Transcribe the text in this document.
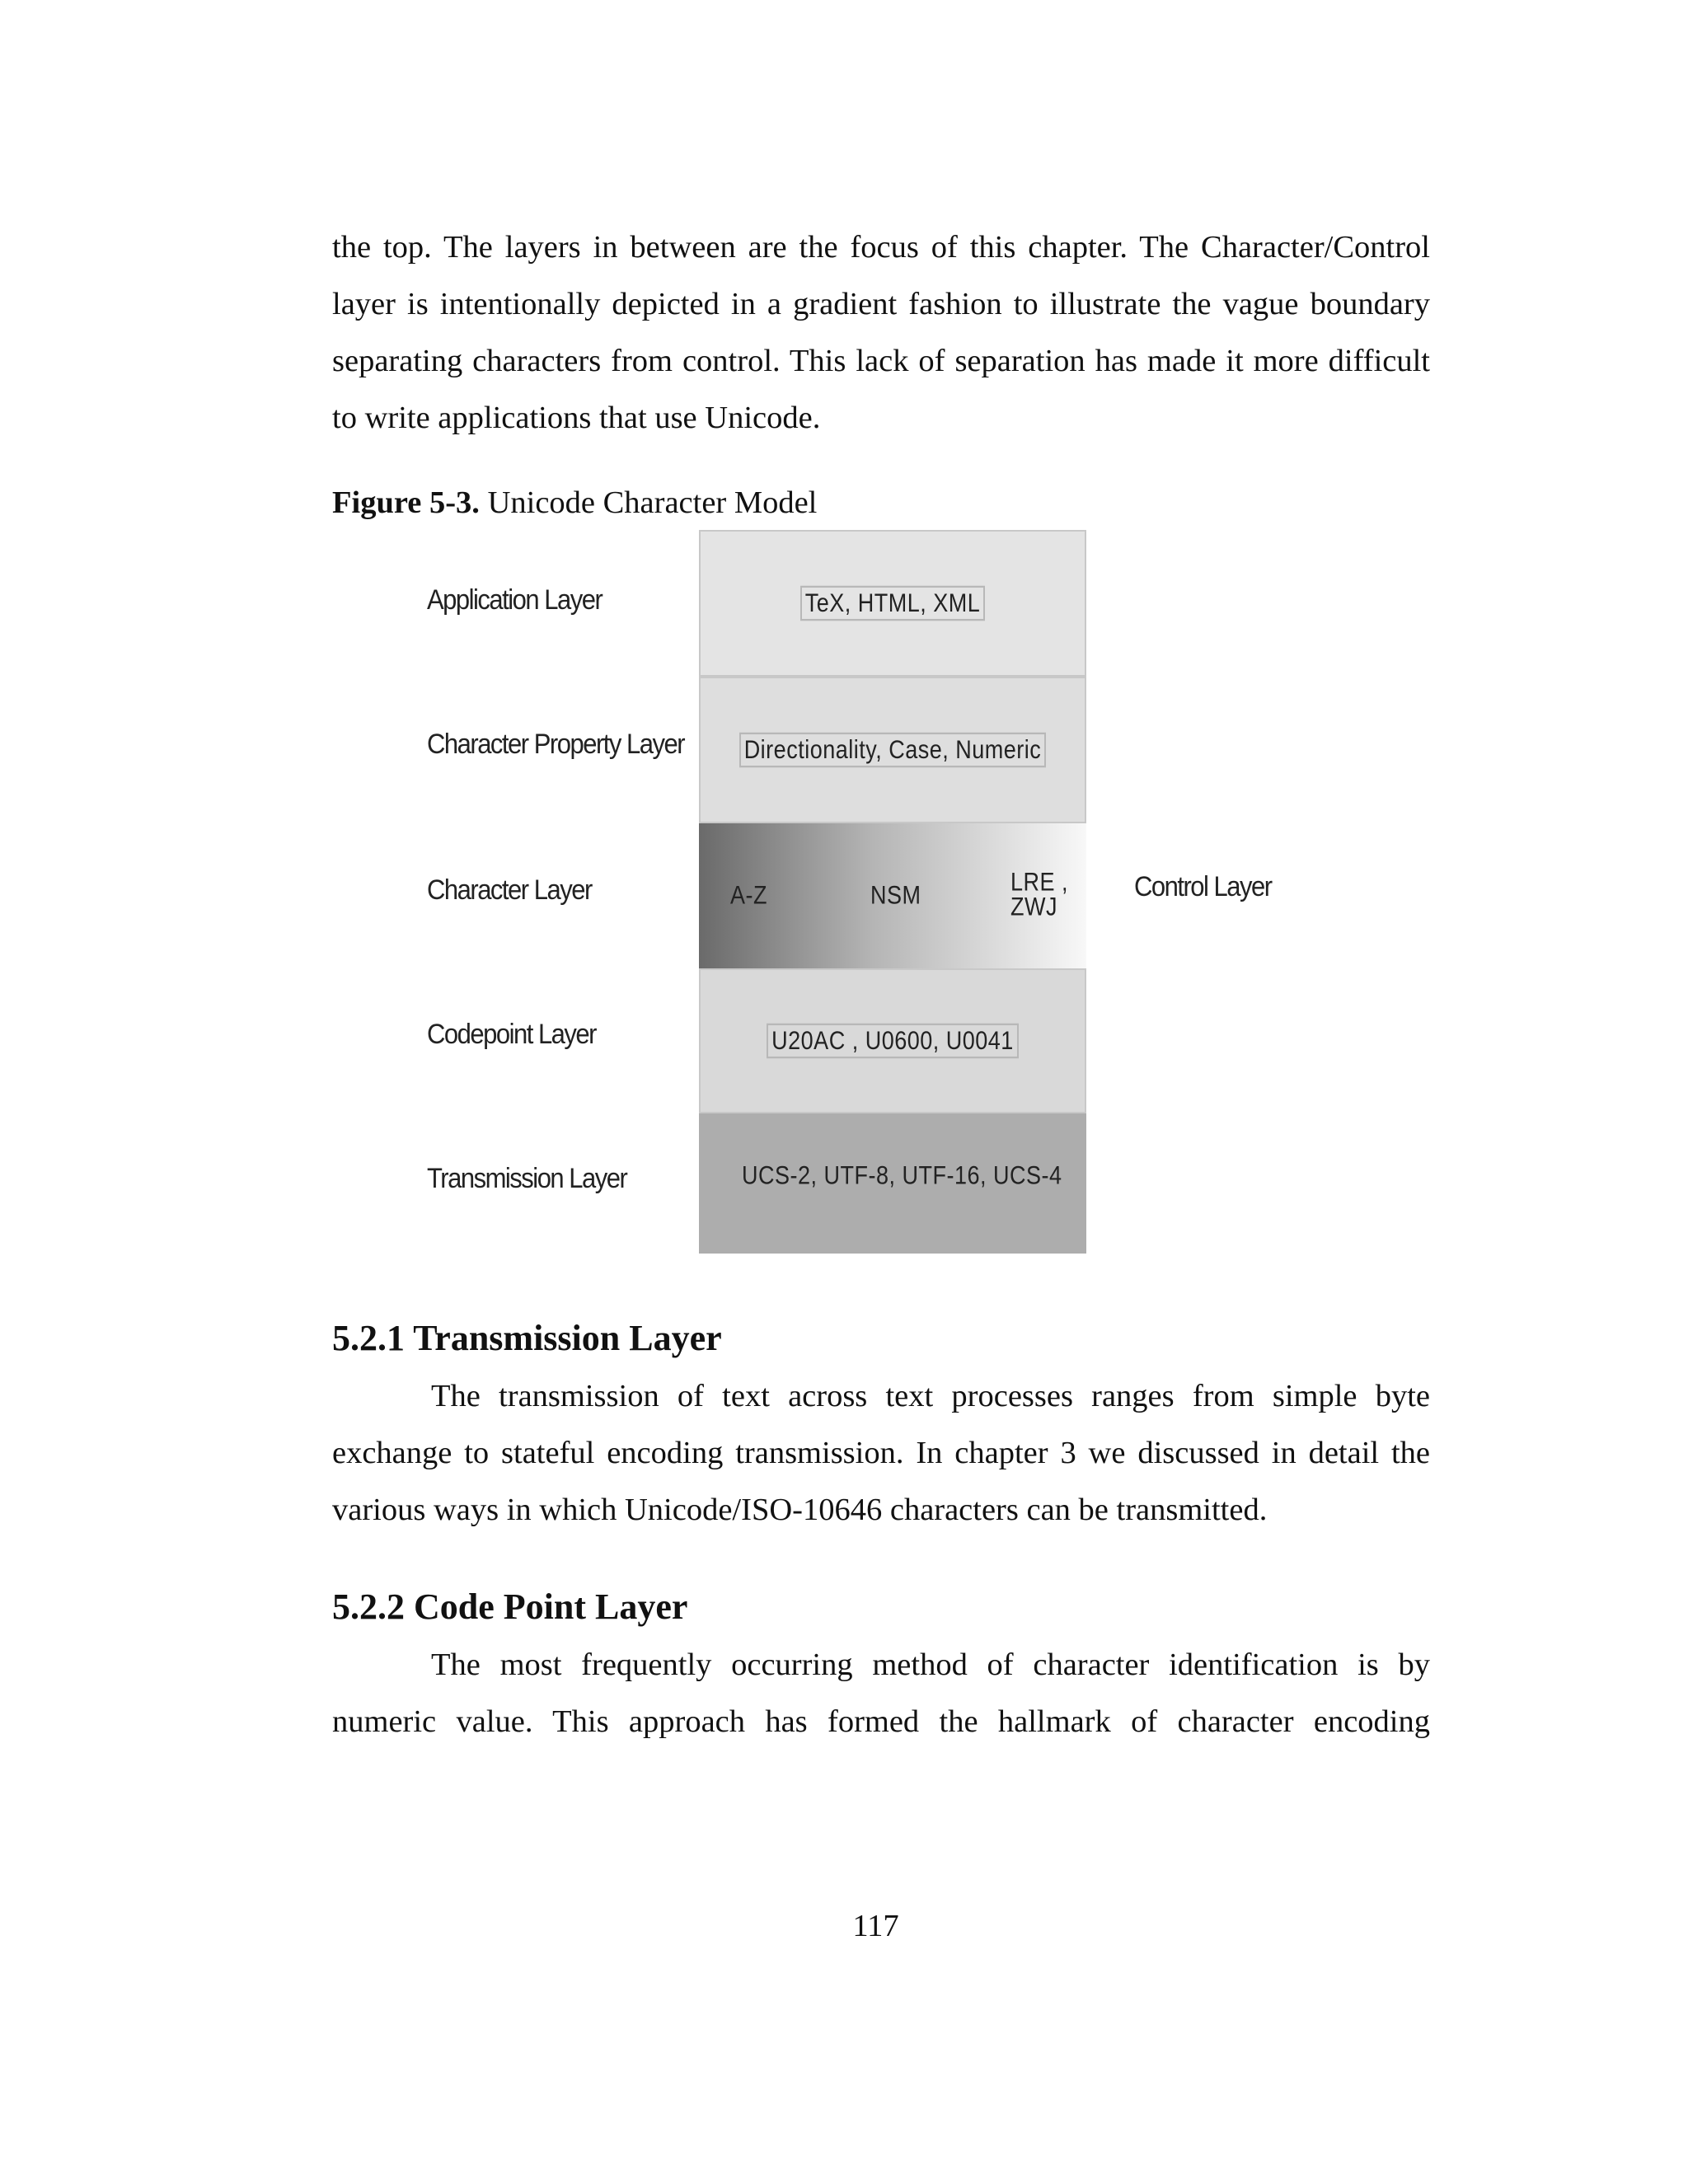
the top. The layers in between are the focus of this chapter. The Character/Control
layer is intentionally depicted in a gradient fashion to illustrate the vague boundary
separating characters from control. This lack of separation has made it more difficult
to write applications that use Unicode.

Figure 5-3. Unicode Character Model

Application Layer
Character Property Layer
Character Layer
Codepoint Layer
Transmission Layer
Control Layer
TeX, HTML, XML
Directionality, Case, Numeric
A-Z	NSM	LRE ,
ZWJ
U20AC , U0600, U0041
UCS-2, UTF-8, UTF-16, UCS-4
5.2.1 Transmission Layer
The transmission of text across text processes ranges from simple byte
exchange to stateful encoding transmission. In chapter 3 we discussed in detail the
various ways in which Unicode/ISO-10646 characters can be transmitted.
5.2.2 Code Point Layer
The most frequently occurring method of character identification is by
numeric value. This approach has formed the hallmark of character encoding
117
